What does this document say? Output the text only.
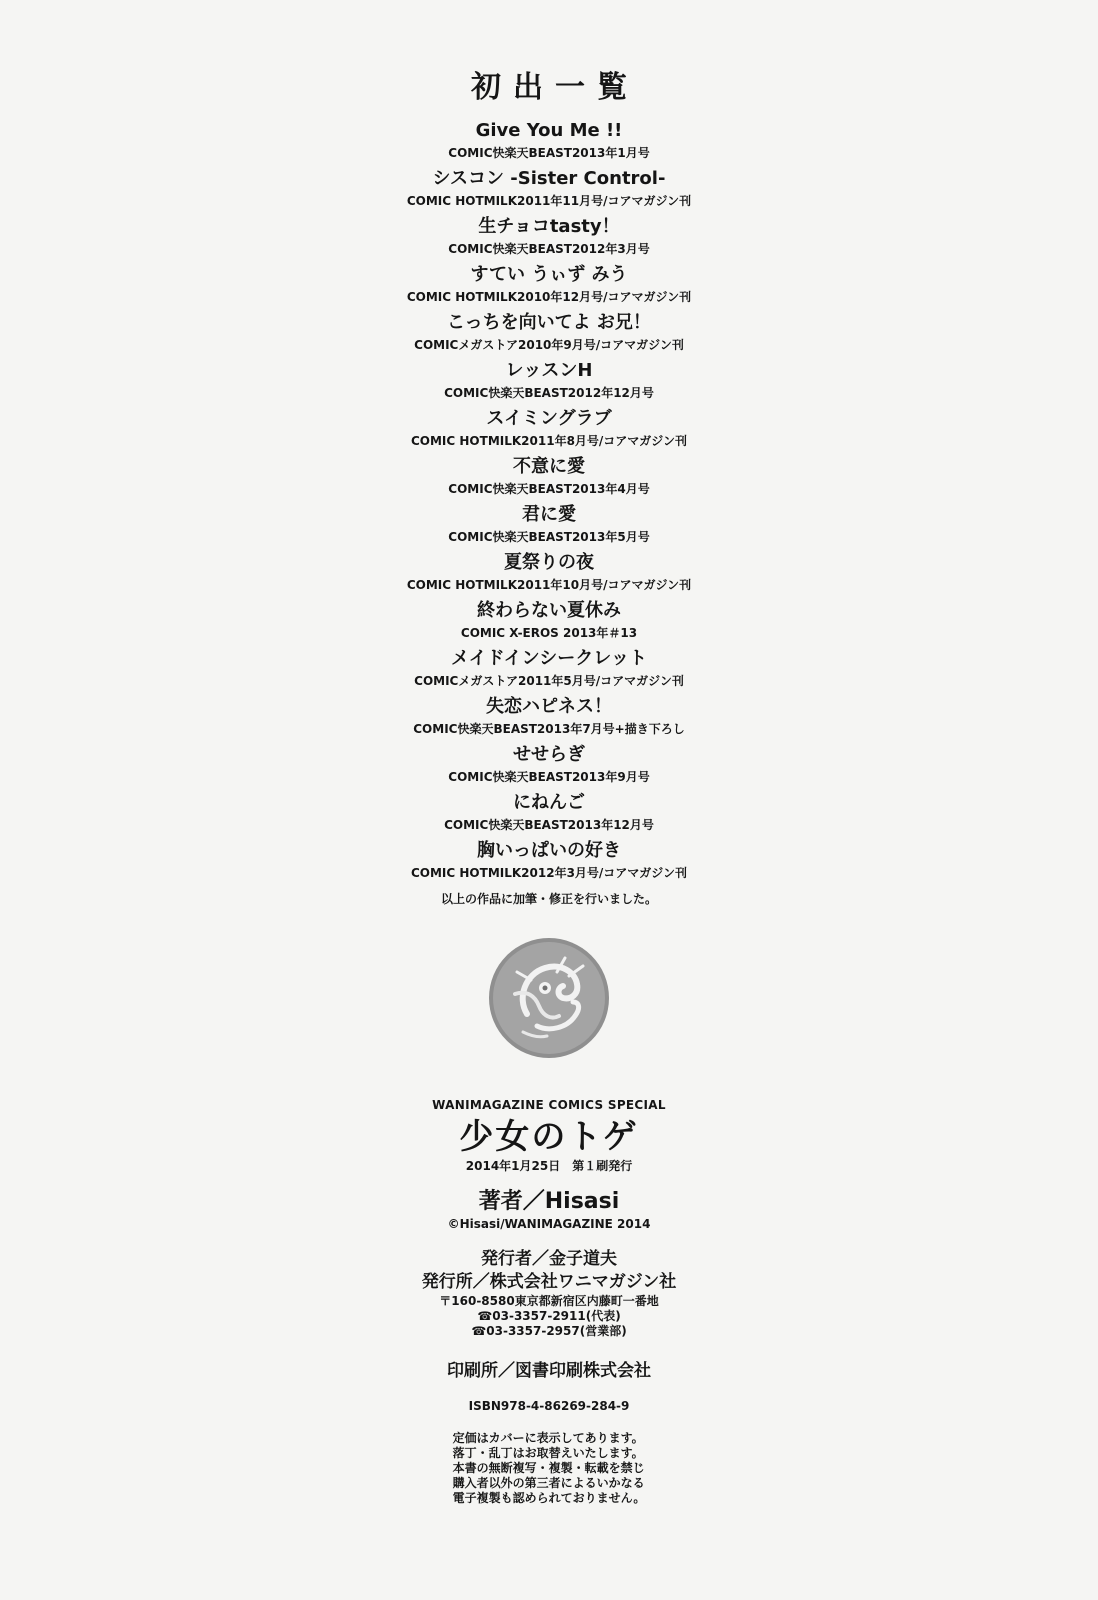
初出一覧
Give You Me !!
COMIC快楽天BEAST2013年1月号
シスコン -Sister Control-
COMIC HOTMILK2011年11月号/コアマガジン刊
生チョコtasty！
COMIC快楽天BEAST2012年3月号
すてい うぃず みう
COMIC HOTMILK2010年12月号/コアマガジン刊
こっちを向いてよ お兄！
COMICメガストア2010年9月号/コアマガジン刊
レッスンH
COMIC快楽天BEAST2012年12月号
スイミングラブ
COMIC HOTMILK2011年8月号/コアマガジン刊
不意に愛
COMIC快楽天BEAST2013年4月号
君に愛
COMIC快楽天BEAST2013年5月号
夏祭りの夜
COMIC HOTMILK2011年10月号/コアマガジン刊
終わらない夏休み
COMIC X-EROS 2013年＃13
メイドインシークレット
COMICメガストア2011年5月号/コアマガジン刊
失恋ハピネス！
COMIC快楽天BEAST2013年7月号+描き下ろし
せせらぎ
COMIC快楽天BEAST2013年9月号
にねんご
COMIC快楽天BEAST2013年12月号
胸いっぱいの好き
COMIC HOTMILK2012年3月号/コアマガジン刊
以上の作品に加筆・修正を行いました。
WANIMAGAZINE COMICS SPECIAL
少女のトゲ
2014年1月25日　第１刷発行
著者／Hisasi
©Hisasi/WANIMAGAZINE 2014
発行者／金子道夫
発行所／株式会社ワニマガジン社
〒160-8580東京都新宿区内藤町一番地
☎03-3357-2911(代表)
☎03-3357-2957(営業部)
印刷所／図書印刷株式会社
ISBN978-4-86269-284-9
定価はカバーに表示してあります。
落丁・乱丁はお取替えいたします。
本書の無断複写・複製・転載を禁じ
購入者以外の第三者によるいかなる
電子複製も認められておりません。
